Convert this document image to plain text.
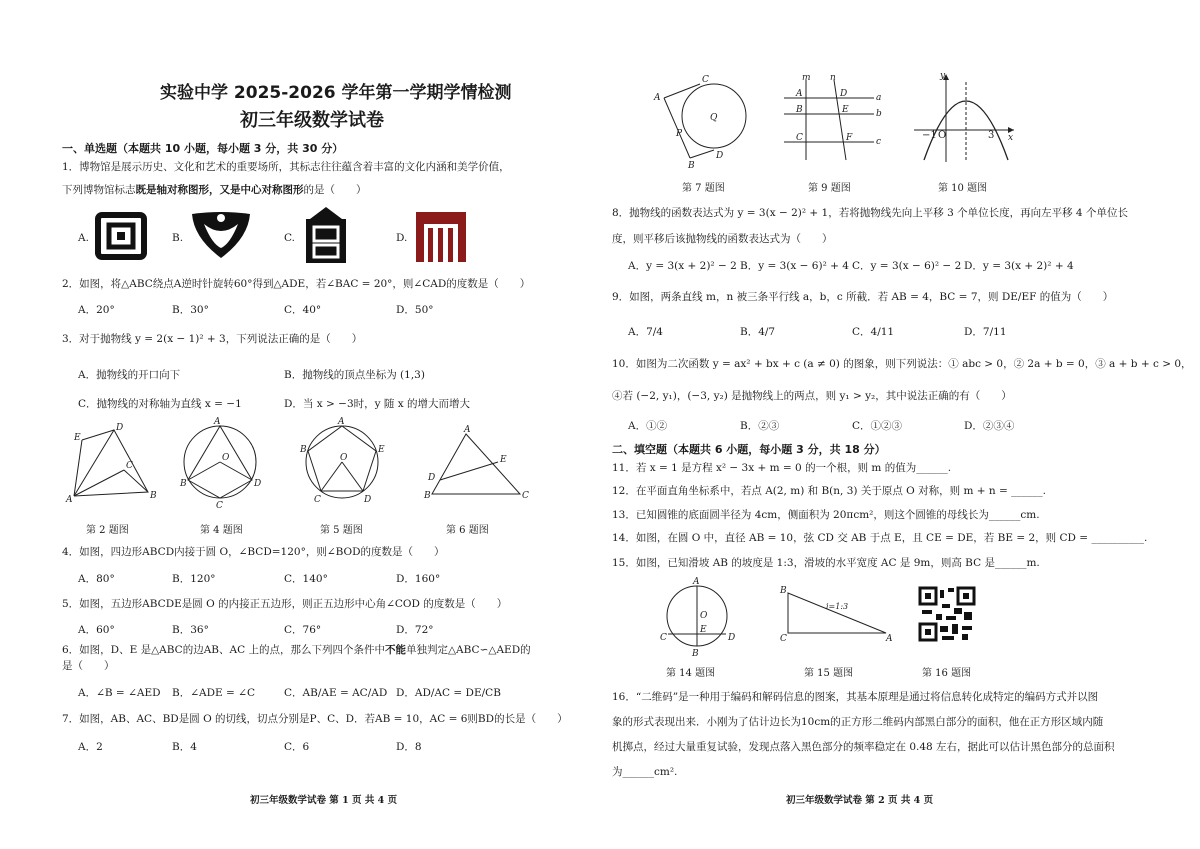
实验中学 2025-2026 学年第一学期学情检测
初三年级数学试卷
一、单选题（本题共 10 小题，每小题 3 分，共 30 分）
1．博物馆是展示历史、文化和艺术的重要场所，其标志往往蕴含着丰富的文化内涵和美学价值，
下列博物馆标志既是轴对称图形，又是中心对称图形的是（　　）
A.	B.	C.	D.
2．如图，将△ABC绕点A逆时针旋转60°得到△ADE，若∠BAC = 20°，则∠CAD的度数是（　　）
A．20°	B．30°	C．40°	D．50°
3．对于抛物线 y = 2(x − 1)² + 3，下列说法正确的是（　　）
A．抛物线的开口向下	B．抛物线的顶点坐标为 (1,3)
C．抛物线的对称轴为直线 x = −1	D．当 x > −3时，y 随 x 的增大而增大
A	B
C
D
E
A
B
C
D
O
A
E
D
C
B
O
A
B	C
D
E
第 2 题图	第 4 题图	第 5 题图	第 6 题图
4．如图，四边形ABCD内接于圆 O，∠BCD=120°，则∠BOD的度数是（　　）
A．80°	B．120°	C．140°	D．160°
5．如图，五边形ABCDE是圆 O 的内接正五边形，则正五边形中心角∠COD 的度数是（　　）
A．60°	B．36°	C．76°	D．72°
6．如图，D、E 是△ABC的边AB、AC 上的点，那么下列四个条件中不能单独判定△ABC∽△AED的
是（　　）
A．∠B = ∠AED B．∠ADE = ∠C	C．AB/AE = AC/AD D．AD/AC = DE/CB
7．如图，AB、AC、BD是圆 O 的切线，切点分别是P、C、D．若AB = 10，AC = 6则BD的长是（　　）
A．2	B．4	C．6	D．8
初三年级数学试卷 第 1 页 共 4 页
A
C
Q
P
B
D
m n
A
B
C
D
E
F
a
b
c
−1 O	3 x
y
第 7 题图	第 9 题图	第 10 题图
8．抛物线的函数表达式为 y = 3(x − 2)² + 1，若将抛物线先向上平移 3 个单位长度，再向左平移 4 个单位长
度，则平移后该抛物线的函数表达式为（　　）
A．y = 3(x + 2)² − 2 B．y = 3(x − 6)² + 4 C．y = 3(x − 6)² − 2 D．y = 3(x + 2)² + 4
9．如图，两条直线 m，n 被三条平行线 a，b，c 所截．若 AB = 4，BC = 7，则 DE/EF 的值为（　　）
A．7/4	B．4/7	C．4/11	D．7/11
10．如图为二次函数 y = ax² + bx + c (a ≠ 0) 的图象，则下列说法：① abc > 0，② 2a + b = 0，③ a + b + c > 0，
④若 (−2, y₁)，(−3, y₂) 是抛物线上的两点，则 y₁ > y₂，其中说法正确的有（　　）
A．①②	B．②③	C．①②③	D．②③④
二、填空题（本题共 6 小题，每小题 3 分，共 18 分）
11．若 x = 1 是方程 x² − 3x + m = 0 的一个根，则 m 的值为______.
12．在平面直角坐标系中，若点 A(2, m) 和 B(n, 3) 关于原点 O 对称，则 m + n = ______.
13．已知圆锥的底面圆半径为 4cm，侧面积为 20πcm²，则这个圆锥的母线长为______cm.
14．如图，在圆 O 中，直径 AB = 10，弦 CD 交 AB 于点 E，且 CE = DE，若 BE = 2，则 CD = __________.
15．如图，已知滑坡 AB 的坡度是 1:3，滑坡的水平宽度 AC 是 9m，则高 BC 是______m.
A
O
E
C	D
B
B
C	A
i=1:3
第 14 题图	第 15 题图	第 16 题图
16．“二维码”是一种用于编码和解码信息的图案，其基本原理是通过将信息转化成特定的编码方式并以图
象的形式表现出来．小刚为了估计边长为10cm的正方形二维码内部黑白部分的面积，他在正方形区域内随
机掷点，经过大量重复试验，发现点落入黑色部分的频率稳定在 0.48 左右，据此可以估计黑色部分的总面积
为______cm².
初三年级数学试卷 第 2 页 共 4 页
